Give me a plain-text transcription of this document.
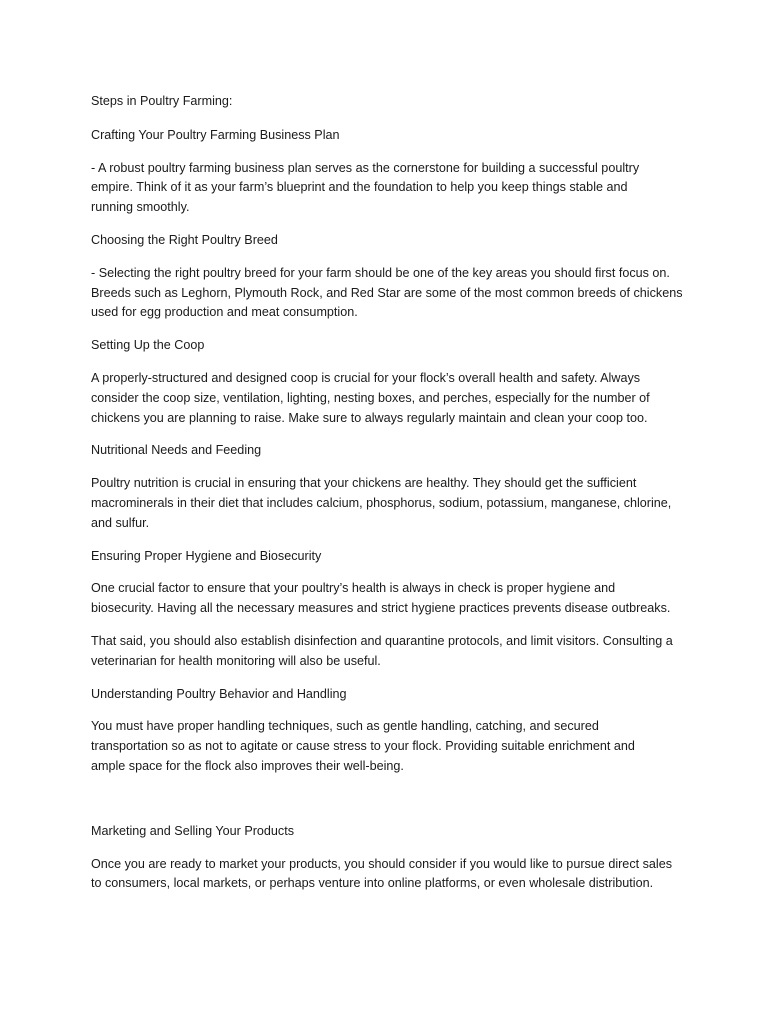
Steps in Poultry Farming:

Crafting Your Poultry Farming Business Plan

- A robust poultry farming business plan serves as the cornerstone for building a successful poultry
empire. Think of it as your farm’s blueprint and the foundation to help you keep things stable and
running smoothly.

Choosing the Right Poultry Breed

- Selecting the right poultry breed for your farm should be one of the key areas you should first focus on.
Breeds such as Leghorn, Plymouth Rock, and Red Star are some of the most common breeds of chickens
used for egg production and meat consumption.

Setting Up the Coop

A properly-structured and designed coop is crucial for your flock’s overall health and safety. Always
consider the coop size, ventilation, lighting, nesting boxes, and perches, especially for the number of
chickens you are planning to raise. Make sure to always regularly maintain and clean your coop too.

Nutritional Needs and Feeding

Poultry nutrition is crucial in ensuring that your chickens are healthy. They should get the sufficient
macrominerals in their diet that includes calcium, phosphorus, sodium, potassium, manganese, chlorine,
and sulfur.

Ensuring Proper Hygiene and Biosecurity

One crucial factor to ensure that your poultry’s health is always in check is proper hygiene and
biosecurity. Having all the necessary measures and strict hygiene practices prevents disease outbreaks.

That said, you should also establish disinfection and quarantine protocols, and limit visitors. Consulting a
veterinarian for health monitoring will also be useful.

Understanding Poultry Behavior and Handling

You must have proper handling techniques, such as gentle handling, catching, and secured
transportation so as not to agitate or cause stress to your flock. Providing suitable enrichment and
ample space for the flock also improves their well-being.

Marketing and Selling Your Products

Once you are ready to market your products, you should consider if you would like to pursue direct sales
to consumers, local markets, or perhaps venture into online platforms, or even wholesale distribution.
